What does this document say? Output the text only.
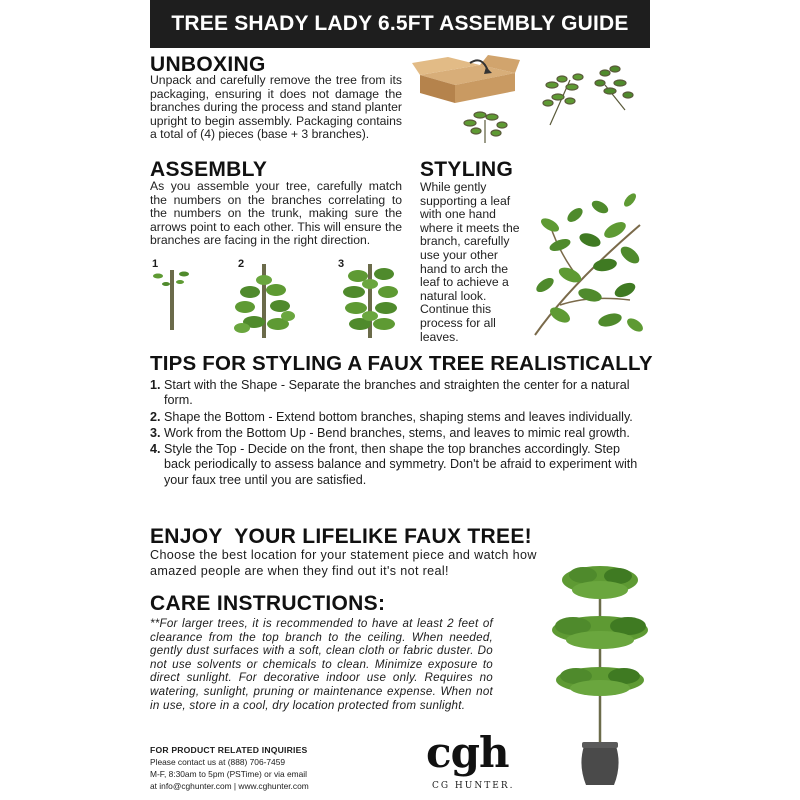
TREE SHADY LADY 6.5FT ASSEMBLY GUIDE
UNBOXING
Unpack and carefully remove the tree from its packaging, ensuring it does not damage the branches during the process and stand planter upright to begin assembly. Packaging contains a total of (4) pieces (base + 3 branches).
ASSEMBLY
As you assemble your tree, carefully match the numbers on the branches correlating to the numbers on the trunk, making sure the arrows point to each other. This will ensure the branches are facing in the right direction.
1	2	3
STYLING
While gently supporting a leaf with one hand where it meets the branch, carefully use your other hand to arch the leaf to achieve a natural look. Continue this process for all leaves.
TIPS FOR STYLING A FAUX TREE REALISTICALLY
1. Start with the Shape - Separate the branches and straighten the center for a natural form.
2. Shape the Bottom - Extend bottom branches, shaping stems and leaves individually.
3. Work from the Bottom Up - Bend branches, stems, and leaves to mimic real growth.
4. Style the Top - Decide on the front, then shape the top branches accordingly. Step back periodically to assess balance and symmetry. Don't be afraid to experiment with your faux tree until you are satisfied.
ENJOY  YOUR LIFELIKE FAUX TREE!
Choose the best location for your statement piece and watch how amazed people are when they find out it's not real!
CARE INSTRUCTIONS:
**For larger trees, it is recommended to have at least 2 feet of clearance from the top branch to the ceiling. When needed, gently dust surfaces with a soft, clean cloth or fabric duster. Do not use solvents or chemicals to clean. Minimize exposure to direct sunlight. For decorative indoor use only. Requires no watering, sunlight, pruning or maintenance expense. When not in use, store in a cool, dry location protected from sunlight.
FOR PRODUCT RELATED INQUIRIES
Please contact us at (888) 706-7459
M-F, 8:30am to 5pm (PSTime) or via email
at info@cghunter.com | www.cghunter.com
cgh
CG HUNTER.
